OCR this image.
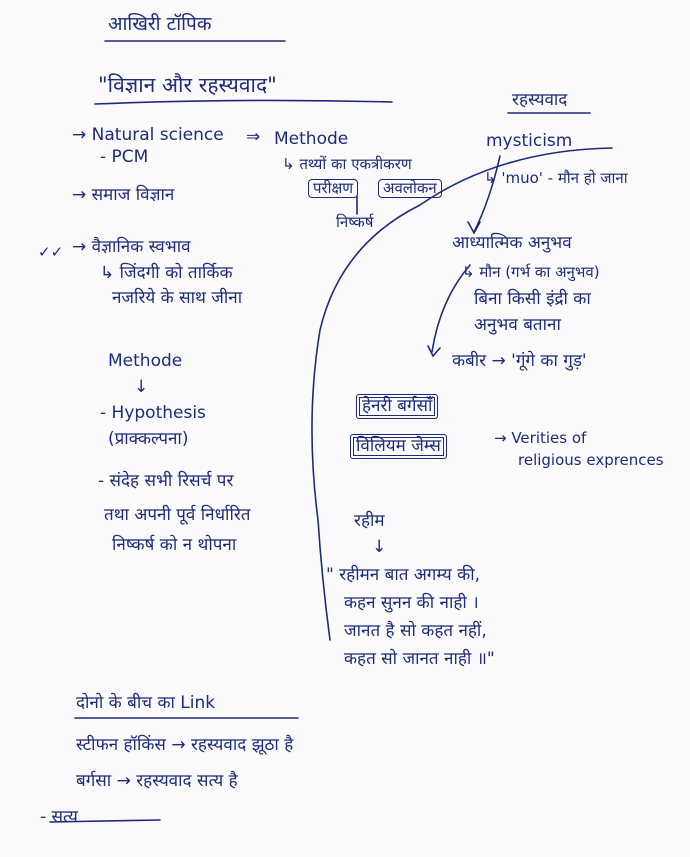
आखिरी टॉपिक
"विज्ञान और रहस्यवाद"
→ Natural science
- PCM
→ समाज विज्ञान
✓✓ → वैज्ञानिक स्वभाव
↳ जिंदगी को तार्किक
नजरिये के साथ जीना
Methode
↓
- Hypothesis
(प्राक्कल्पना)
- संदेह सभी रिसर्च पर
तथा अपनी पूर्व निर्धारित
निष्कर्ष को न थोपना
⇒ Methode
↳ तथ्यों का एकत्रीकरण
परीक्षण	अवलोकन
निष्कर्ष
हेनरी बर्गसाँ
विलियम जेम्स	→ Verities of
religious exprences
रहस्यवाद
mysticism
↳ 'muo' - मौन हो जाना
आध्यात्मिक अनुभव
↳ मौन (गर्भ का अनुभव)
बिना किसी इंद्री का
अनुभव बताना
कबीर → 'गूंगे का गुड़'
रहीम
↓
" रहीमन बात अगम्य की,
कहन सुनन की नाही ।
जानत है सो कहत नहीं,
कहत सो जानत नाही ॥"
दोनो के बीच का Link
स्टीफन हॉकिंस → रहस्यवाद झूठा है
बर्गसा → रहस्यवाद सत्य है
- सत्य
